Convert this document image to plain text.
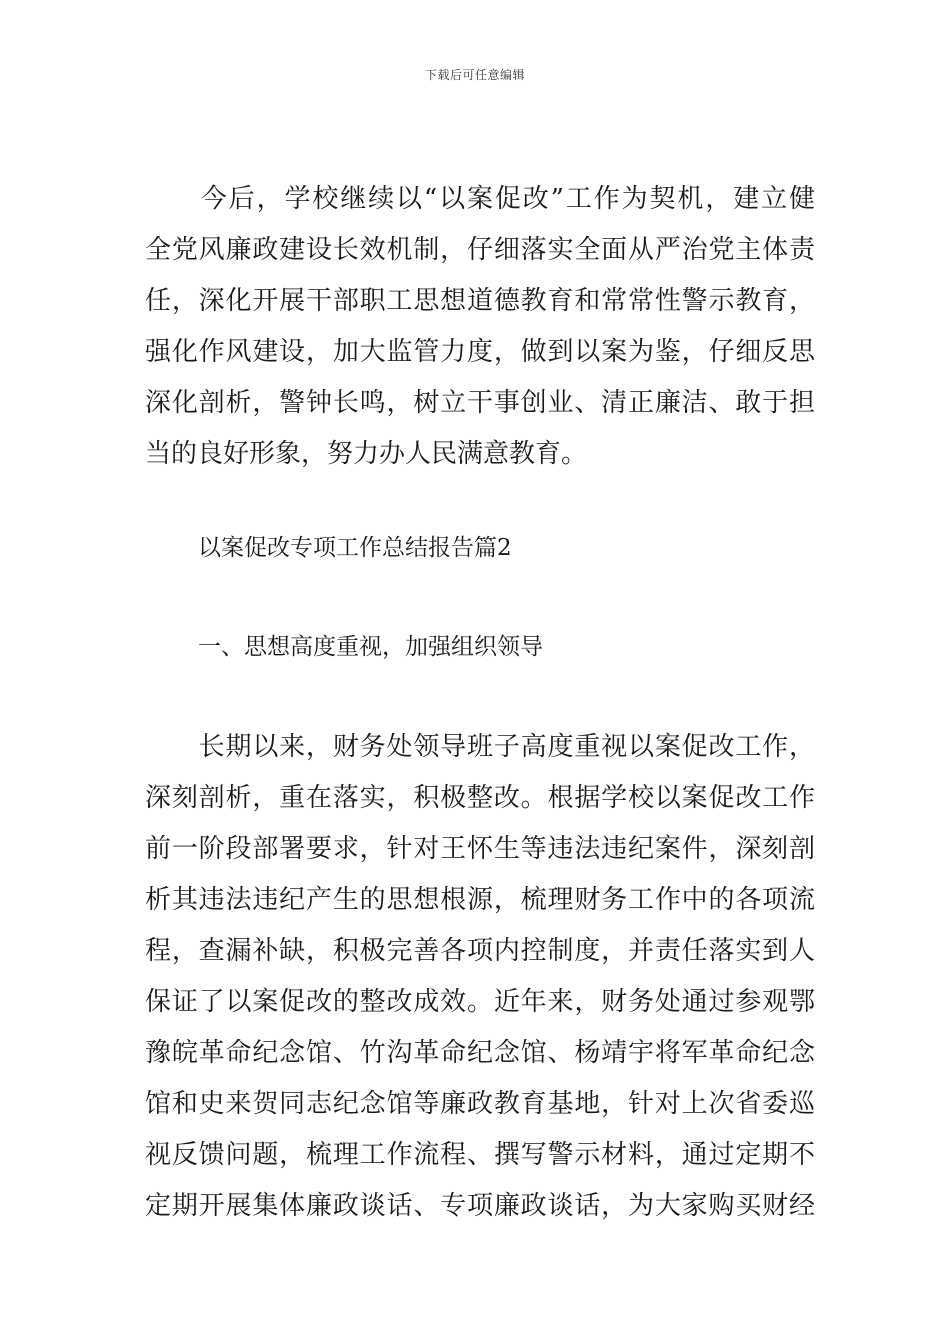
下载后可任意编辑
　　今后，学校继续以“以案促改”工作为契机，建立健
全党风廉政建设长效机制，仔细落实全面从严治党主体责
任，深化开展干部职工思想道德教育和常常性警示教育，
强化作风建设，加大监管力度，做到以案为鉴，仔细反思
深化剖析，警钟长鸣，树立干事创业、清正廉洁、敢于担
当的良好形象，努力办人民满意教育。
以案促改专项工作总结报告篇2
一、思想高度重视，加强组织领导
　　长期以来，财务处领导班子高度重视以案促改工作，
深刻剖析，重在落实，积极整改。根据学校以案促改工作
前一阶段部署要求，针对王怀生等违法违纪案件，深刻剖
析其违法违纪产生的思想根源，梳理财务工作中的各项流
程，查漏补缺，积极完善各项内控制度，并责任落实到人
保证了以案促改的整改成效。近年来，财务处通过参观鄂
豫皖革命纪念馆、竹沟革命纪念馆、杨靖宇将军革命纪念
馆和史来贺同志纪念馆等廉政教育基地，针对上次省委巡
视反馈问题，梳理工作流程、撰写警示材料，通过定期不
定期开展集体廉政谈话、专项廉政谈话，为大家购买财经
